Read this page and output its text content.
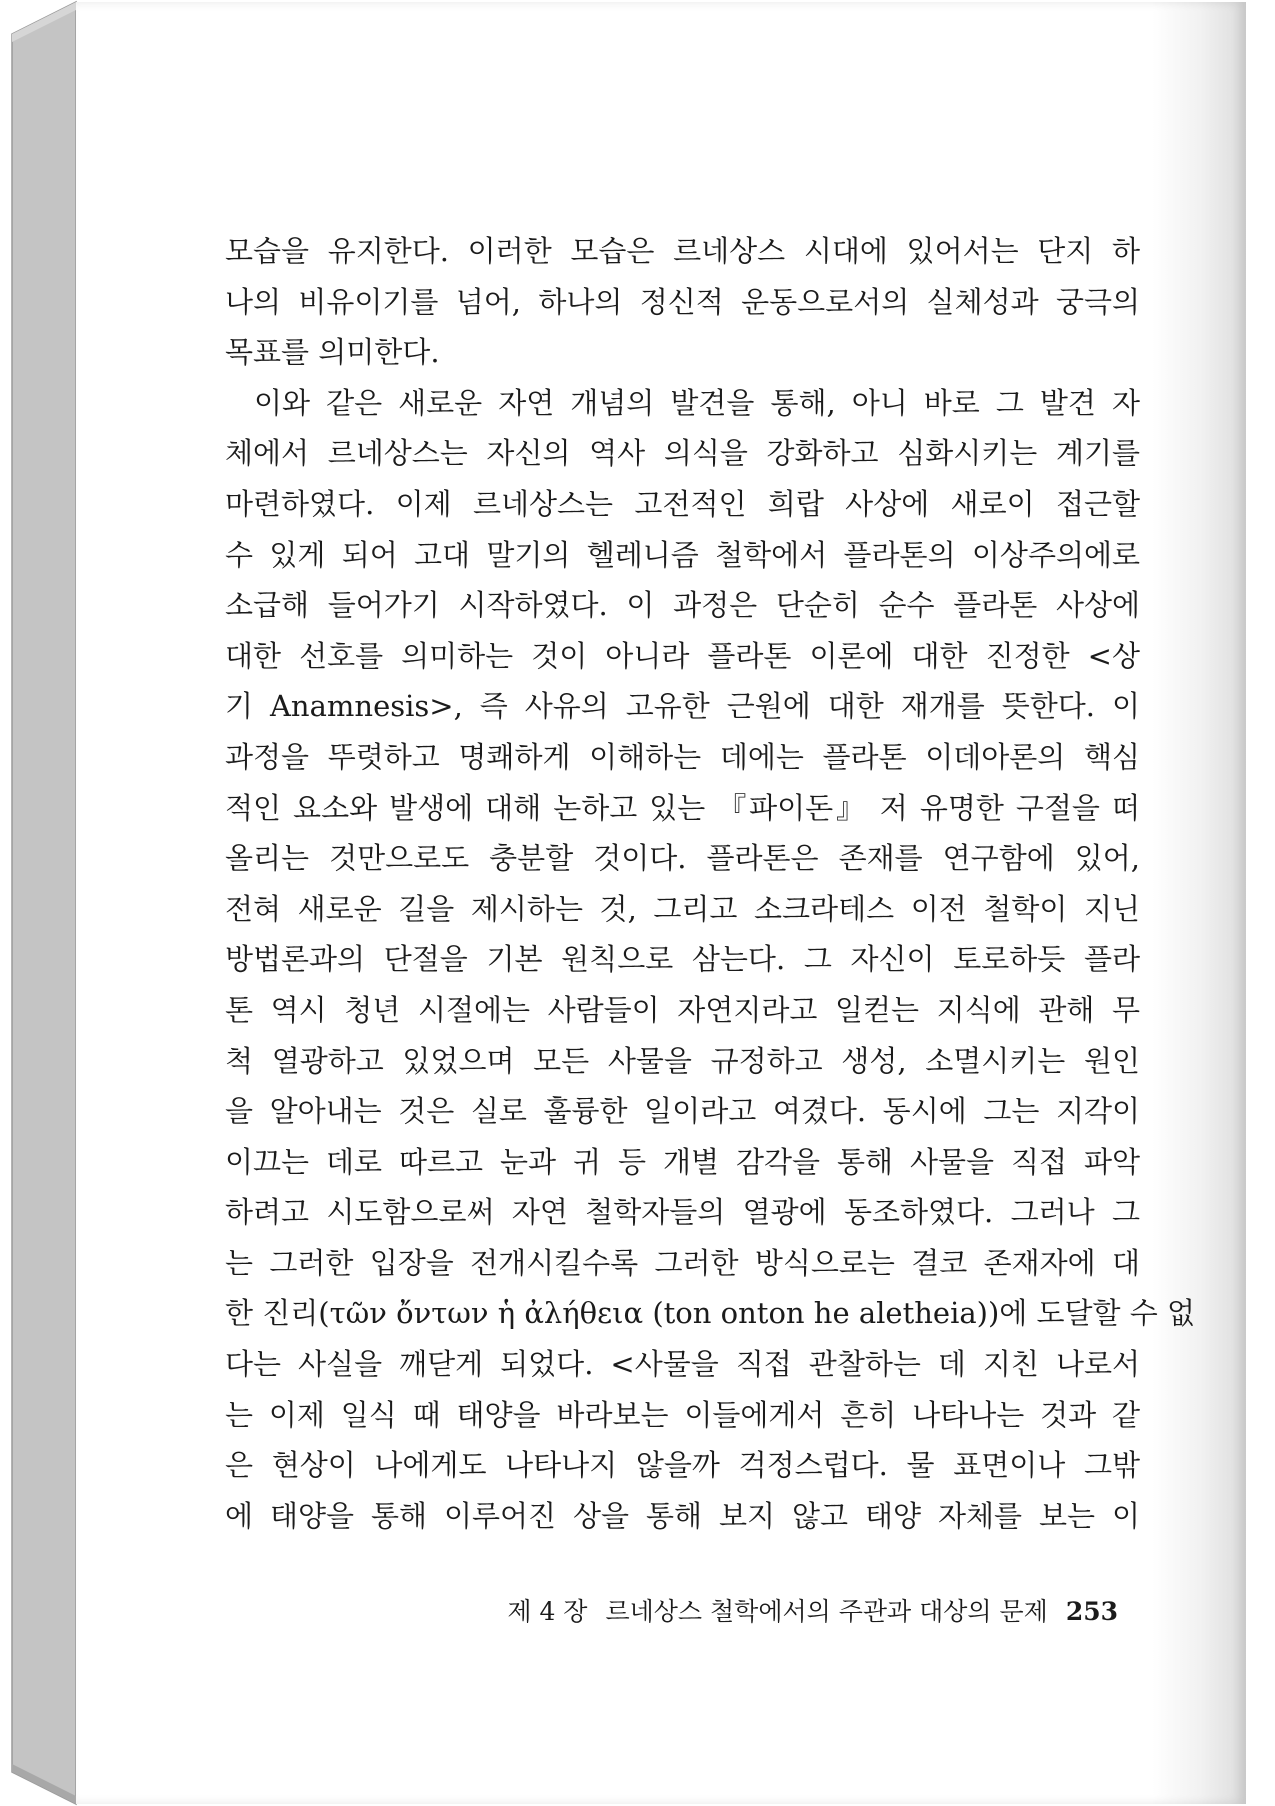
모습을 유지한다. 이러한 모습은 르네상스 시대에 있어서는 단지 하
나의 비유이기를 넘어, 하나의 정신적 운동으로서의 실체성과 궁극의
목표를 의미한다.
이와 같은 새로운 자연 개념의 발견을 통해, 아니 바로 그 발견 자
체에서 르네상스는 자신의 역사 의식을 강화하고 심화시키는 계기를
마련하였다. 이제 르네상스는 고전적인 희랍 사상에 새로이 접근할
수 있게 되어 고대 말기의 헬레니즘 철학에서 플라톤의 이상주의에로
소급해 들어가기 시작하였다. 이 과정은 단순히 순수 플라톤 사상에
대한 선호를 의미하는 것이 아니라 플라톤 이론에 대한 진정한 <상
기 Anamnesis>, 즉 사유의 고유한 근원에 대한 재개를 뜻한다. 이
과정을 뚜렷하고 명쾌하게 이해하는 데에는 플라톤 이데아론의 핵심
적인 요소와 발생에 대해 논하고 있는 『파이돈』 저 유명한 구절을 떠
올리는 것만으로도 충분할 것이다. 플라톤은 존재를 연구함에 있어,
전혀 새로운 길을 제시하는 것, 그리고 소크라테스 이전 철학이 지닌
방법론과의 단절을 기본 원칙으로 삼는다. 그 자신이 토로하듯 플라
톤 역시 청년 시절에는 사람들이 자연지라고 일컫는 지식에 관해 무
척 열광하고 있었으며 모든 사물을 규정하고 생성, 소멸시키는 원인
을 알아내는 것은 실로 훌륭한 일이라고 여겼다. 동시에 그는 지각이
이끄는 데로 따르고 눈과 귀 등 개별 감각을 통해 사물을 직접 파악
하려고 시도함으로써 자연 철학자들의 열광에 동조하였다. 그러나 그
는 그러한 입장을 전개시킬수록 그러한 방식으로는 결코 존재자에 대
한 진리(τῶν ὄντων ἡ ἀλήθεια (ton onton he aletheia))에 도달할 수 없
다는 사실을 깨닫게 되었다. <사물을 직접 관찰하는 데 지친 나로서
는 이제 일식 때 태양을 바라보는 이들에게서 흔히 나타나는 것과 같
은 현상이 나에게도 나타나지 않을까 걱정스럽다. 물 표면이나 그밖
에 태양을 통해 이루어진 상을 통해 보지 않고 태양 자체를 보는 이
제 4 장 르네상스 철학에서의 주관과 대상의 문제 253
